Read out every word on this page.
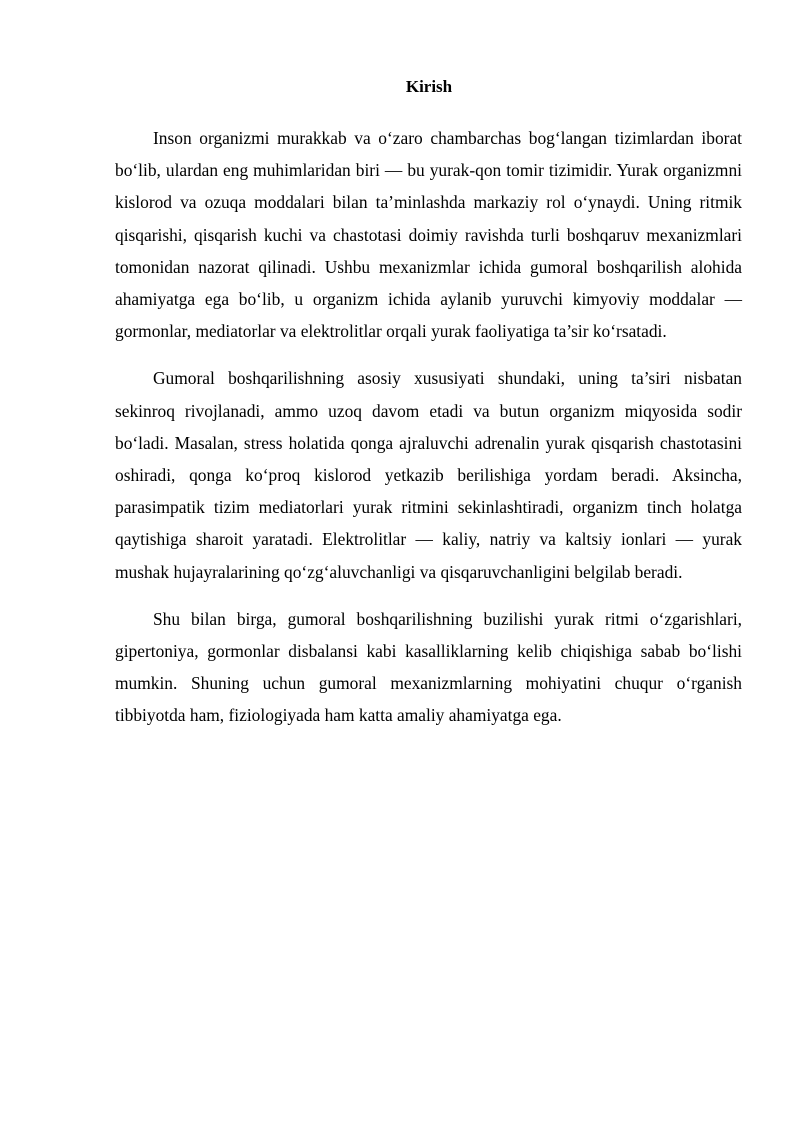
Kirish

Inson organizmi murakkab va o‘zaro chambarchas bog‘langan tizimlardan iborat bo‘lib, ulardan eng muhimlaridan biri — bu yurak-qon tomir tizimidir. Yurak organizmni kislorod va ozuqa moddalari bilan ta’minlashda markaziy rol o‘ynaydi. Uning ritmik qisqarishi, qisqarish kuchi va chastotasi doimiy ravishda turli boshqaruv mexanizmlari tomonidan nazorat qilinadi. Ushbu mexanizmlar ichida gumoral boshqarilish alohida ahamiyatga ega bo‘lib, u organizm ichida aylanib yuruvchi kimyoviy moddalar — gormonlar, mediatorlar va elektrolitlar orqali yurak faoliyatiga ta’sir ko‘rsatadi.

Gumoral boshqarilishning asosiy xususiyati shundaki, uning ta’siri nisbatan sekinroq rivojlanadi, ammo uzoq davom etadi va butun organizm miqyosida sodir bo‘ladi. Masalan, stress holatida qonga ajraluvchi adrenalin yurak qisqarish chastotasini oshiradi, qonga ko‘proq kislorod yetkazib berilishiga yordam beradi. Aksincha, parasimpatik tizim mediatorlari yurak ritmini sekinlashtiradi, organizm tinch holatga qaytishiga sharoit yaratadi. Elektrolitlar — kaliy, natriy va kaltsiy ionlari — yurak mushak hujayralarining qo‘zg‘aluvchanligi va qisqaruvchanligini belgilab beradi.

Shu bilan birga, gumoral boshqarilishning buzilishi yurak ritmi o‘zgarishlari, gipertoniya, gormonlar disbalansi kabi kasalliklarning kelib chiqishiga sabab bo‘lishi mumkin. Shuning uchun gumoral mexanizmlarning mohiyatini chuqur o‘rganish tibbiyotda ham, fiziologiyada ham katta amaliy ahamiyatga ega.
